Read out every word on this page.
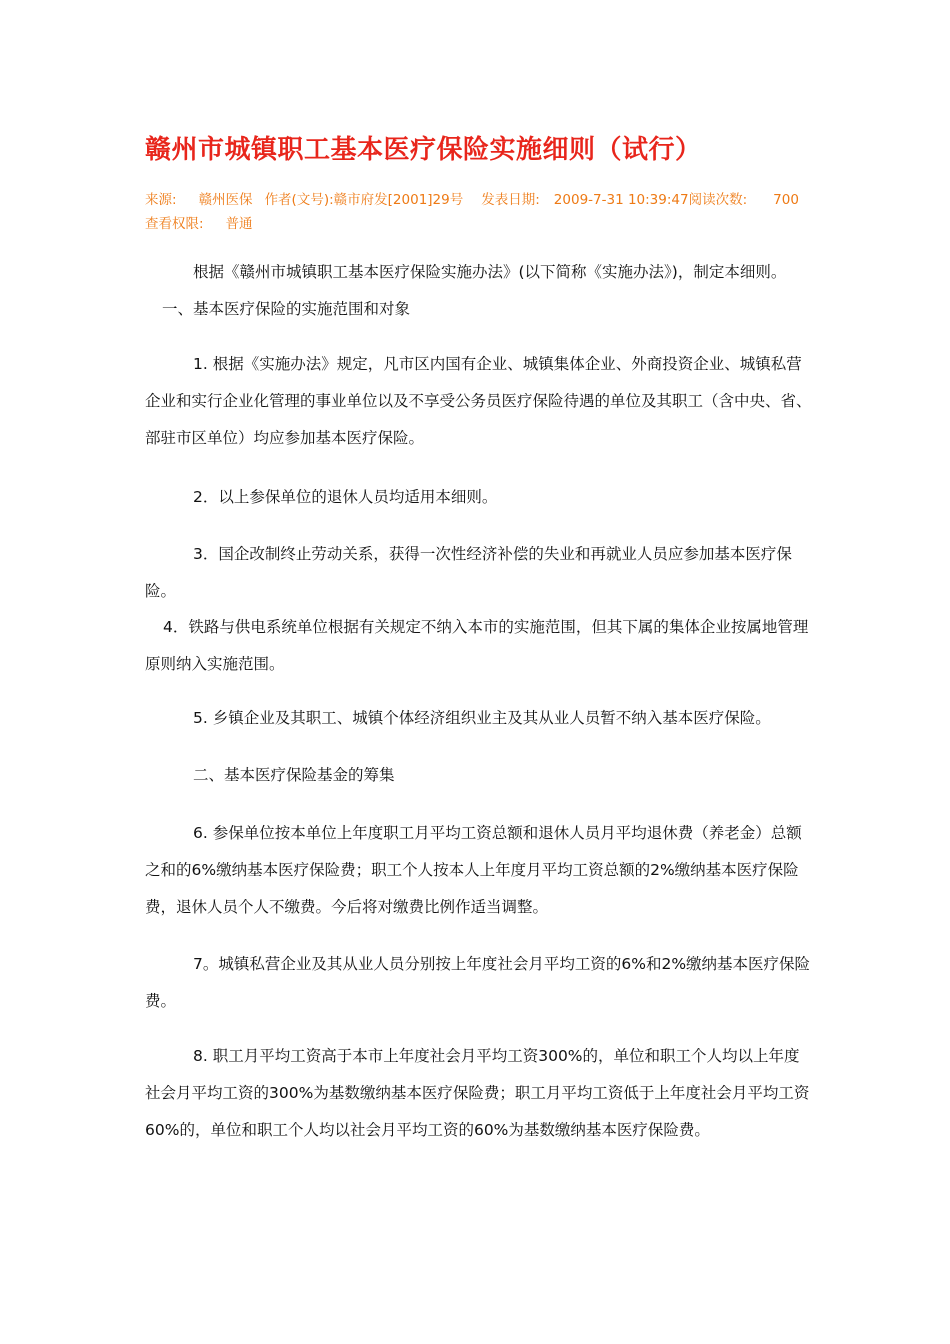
赣州市城镇职工基本医疗保险实施细则（试行）
来源: 赣州医保 作者(文号):赣市府发[2001]29号 发表日期: 2009-7-31 10:39:47阅读次数: 700
查看权限: 普通

根据《赣州市城镇职工基本医疗保险实施办法》(以下简称《实施办法》)，制定本细则。

一、基本医疗保险的实施范围和对象

1. 根据《实施办法》规定，凡市区内国有企业、城镇集体企业、外商投资企业、城镇私营企业和实行企业化管理的事业单位以及不享受公务员医疗保险待遇的单位及其职工（含中央、省、部驻市区单位）均应参加基本医疗保险。

2．以上参保单位的退休人员均适用本细则。

3．国企改制终止劳动关系，获得一次性经济补偿的失业和再就业人员应参加基本医疗保险。

4．铁路与供电系统单位根据有关规定不纳入本市的实施范围，但其下属的集体企业按属地管理原则纳入实施范围。

5. 乡镇企业及其职工、城镇个体经济组织业主及其从业人员暂不纳入基本医疗保险。

二、基本医疗保险基金的筹集

6. 参保单位按本单位上年度职工月平均工资总额和退休人员月平均退休费（养老金）总额之和的6%缴纳基本医疗保险费；职工个人按本人上年度月平均工资总额的2%缴纳基本医疗保险费，退休人员个人不缴费。今后将对缴费比例作适当调整。

7。城镇私营企业及其从业人员分别按上年度社会月平均工资的6%和2%缴纳基本医疗保险费。

8. 职工月平均工资高于本市上年度社会月平均工资300%的，单位和职工个人均以上年度社会月平均工资的300%为基数缴纳基本医疗保险费；职工月平均工资低于上年度社会月平均工资60%的，单位和职工个人均以社会月平均工资的60%为基数缴纳基本医疗保险费。
